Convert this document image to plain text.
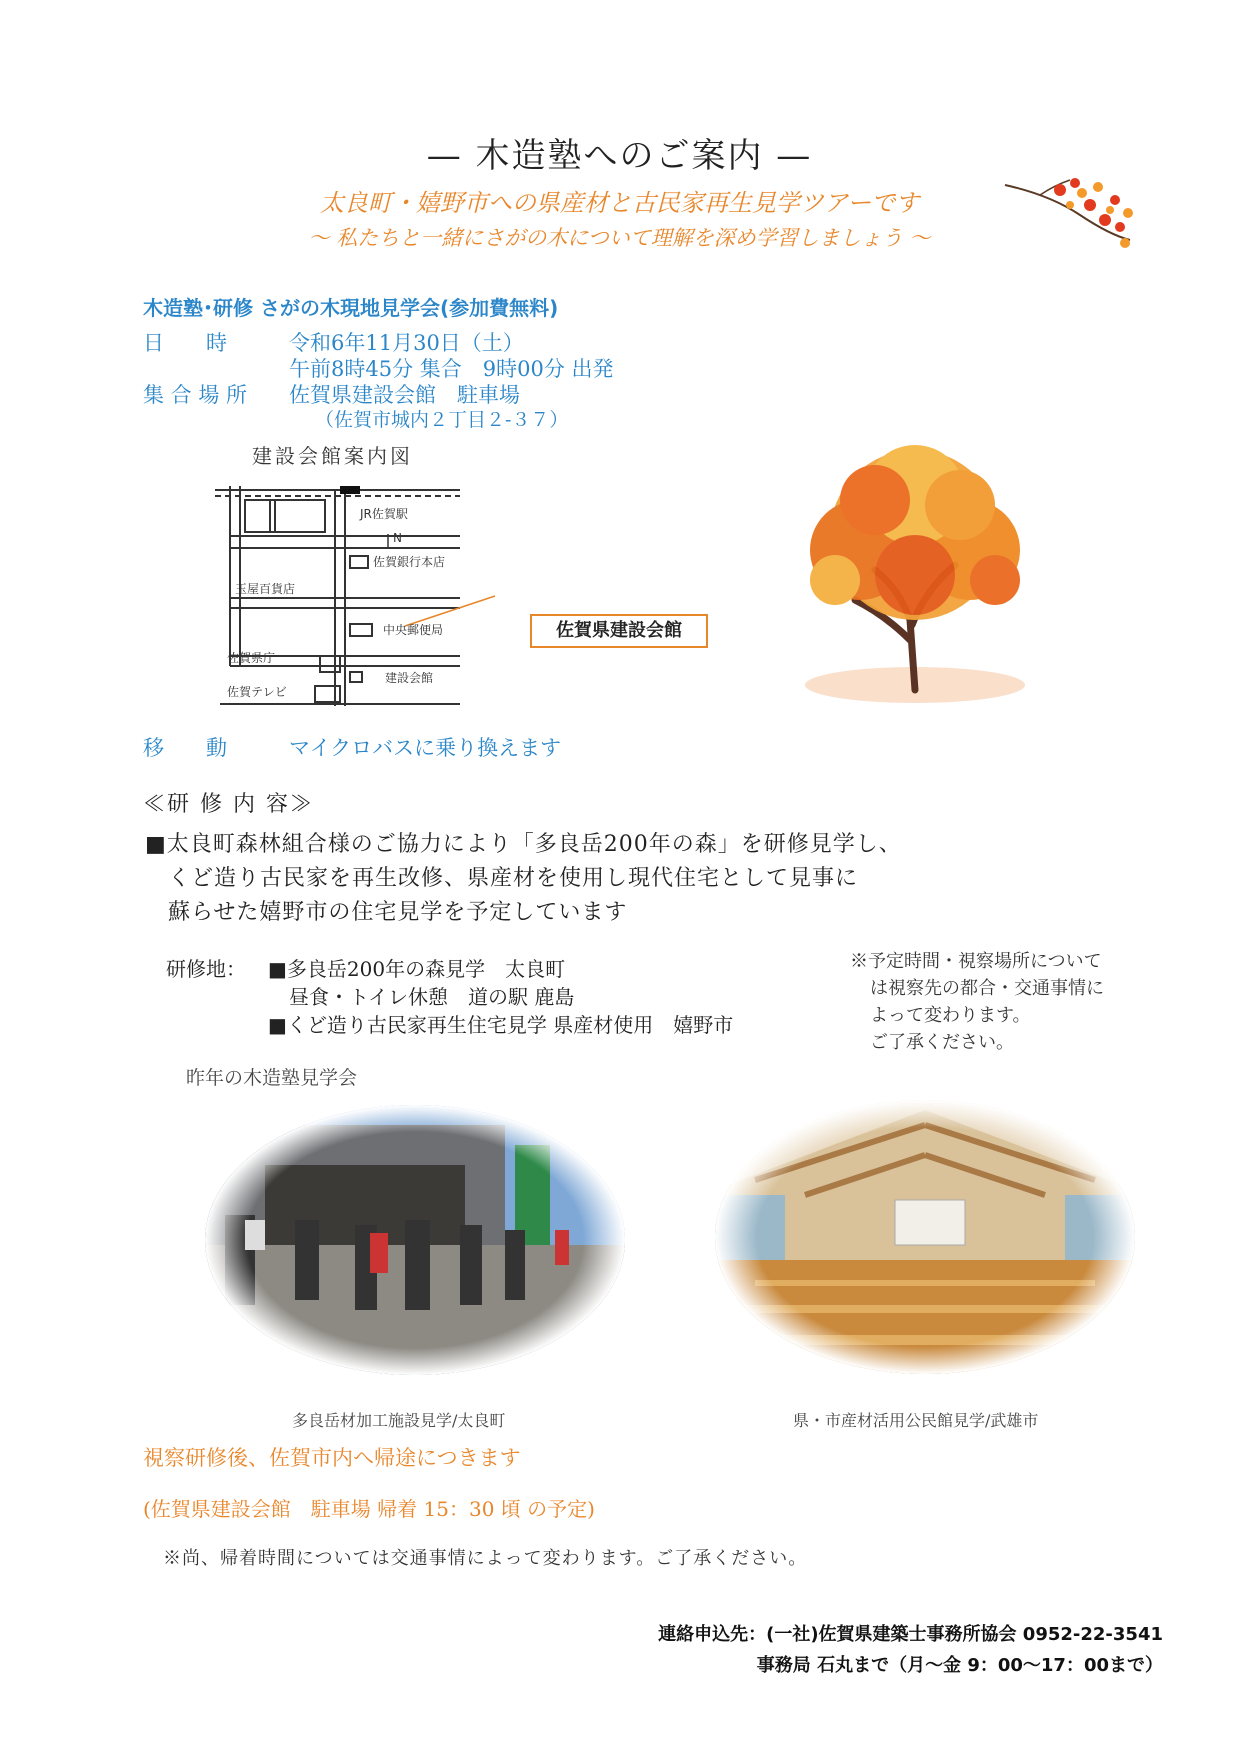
— 木造塾へのご案内 —
太良町・嬉野市への県産材と古民家再生見学ツアーです
～ 私たちと一緒にさがの木について理解を深め学習しましょう ～
木造塾･研修 さがの木現地見学会(参加費無料)
日　　時	令和6年11月30日（土）
午前8時45分 集合　9時00分 出発
集 合 場 所 佐賀県建設会館　駐車場
（佐賀市城内２丁目２-３７）
建設会館案内図
JR佐賀駅
N
佐賀銀行本店
玉屋百貨店
中央郵便局
佐賀県庁
建設会館
佐賀テレビ
佐賀県建設会館
移　　動	マイクロバスに乗り換えます
≪研 修 内 容≫
■太良町森林組合様のご協力により「多良岳200年の森」を研修見学し、
くど造り古民家を再生改修、県産材を使用し現代住宅として見事に
蘇らせた嬉野市の住宅見学を予定しています
研修地： ■多良岳200年の森見学　太良町
昼食・トイレ休憩　道の駅 鹿島
■くど造り古民家再生住宅見学 県産材使用　嬉野市
※予定時間・視察場所について
は視察先の都合・交通事情に
よって変わります。
ご了承ください。
昨年の木造塾見学会
多良岳材加工施設見学/太良町	県・市産材活用公民館見学/武雄市
視察研修後、佐賀市内へ帰途につきます
(佐賀県建設会館　駐車場 帰着 15：30 頃 の予定)
※尚、帰着時間については交通事情によって変わります。ご了承ください。
連絡申込先：(一社)佐賀県建築士事務所協会 0952-22-3541
事務局 石丸まで（月～金 9：00～17：00まで）
